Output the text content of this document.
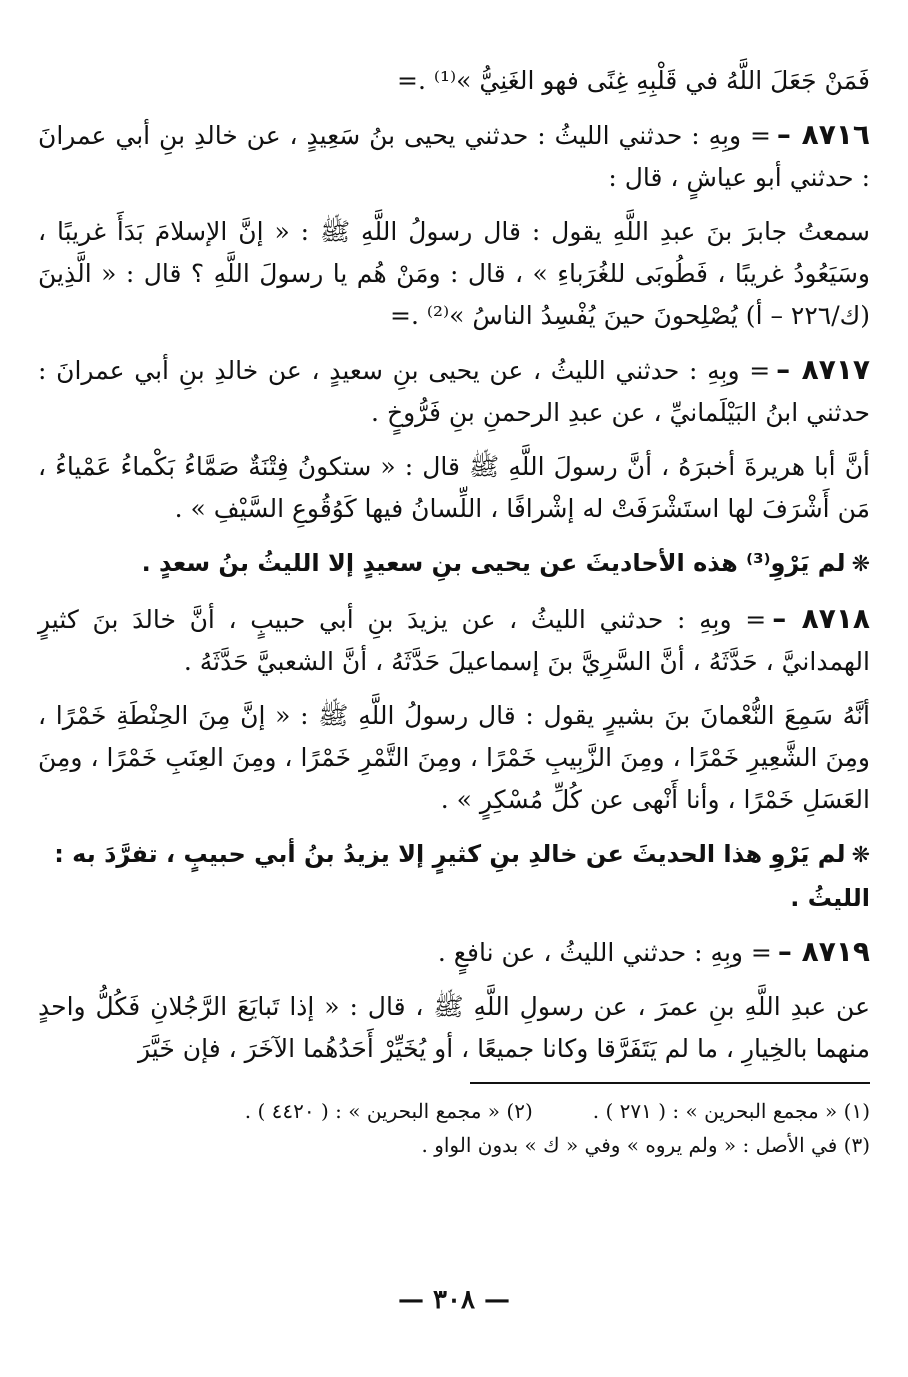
فَمَنْ جَعَلَ اللَّهُ في قَلْبِهِ غِنًى فهو الغَنِيُّ »⁽¹⁾ .=

٨٧١٦ –= وبِهِ : حدثني الليثُ : حدثني يحيى بنُ سَعِيدٍ ، عن خالدِ بنِ أبي عمرانَ : حدثني أبو عياشٍ ، قال :

سمعتُ جابرَ بنَ عبدِ اللَّهِ يقول : قال رسولُ اللَّهِ ﷺ : « إنَّ الإسلامَ بَدَأَ غريبًا ، وسَيَعُودُ غريبًا ، فَطُوبَى للغُرَباءِ » ، قال : ومَنْ هُم يا رسولَ اللَّهِ ؟ قال : « الَّذِينَ (ك/٢٢٦ – أ) يُصْلِحونَ حينَ يُفْسِدُ الناسُ »⁽²⁾ .=

٨٧١٧ –= وبِهِ : حدثني الليثُ ، عن يحيى بنِ سعيدٍ ، عن خالدِ بنِ أبي عمرانَ : حدثني ابنُ البَيْلَمانيِّ ، عن عبدِ الرحمنِ بنِ فَرُّوخٍ .

أنَّ أبا هريرةَ أخبرَهُ ، أنَّ رسولَ اللَّهِ ﷺ قال : « ستكونُ فِتْنَةٌ صَمَّاءُ بَكْماءُ عَمْياءُ ، مَن أَشْرَفَ لها استَشْرَفَتْ له إشْرافًا ، اللِّسانُ فيها كَوُقُوعِ السَّيْفِ » .

❋لم يَرْوِ⁽³⁾ هذه الأحاديثَ عن يحيى بنِ سعيدٍ إلا الليثُ بنُ سعدٍ .

٨٧١٨ –= وبِهِ : حدثني الليثُ ، عن يزيدَ بنِ أبي حبيبٍ ، أنَّ خالدَ بنَ كثيرٍ الهمدانيَّ ، حَدَّثَهُ ، أنَّ السَّرِيَّ بنَ إسماعيلَ حَدَّثَهُ ، أنَّ الشعبيَّ حَدَّثَهُ .

أنَّهُ سَمِعَ النُّعْمانَ بنَ بشيرٍ يقول : قال رسولُ اللَّهِ ﷺ : « إنَّ مِنَ الحِنْطَةِ خَمْرًا ، ومِنَ الشَّعِيرِ خَمْرًا ، ومِنَ الزَّبِيبِ خَمْرًا ، ومِنَ التَّمْرِ خَمْرًا ، ومِنَ العِنَبِ خَمْرًا ، ومِنَ العَسَلِ خَمْرًا ، وأنا أَنْهى عن كُلِّ مُسْكِرٍ » .

❋لم يَرْوِ هذا الحديثَ عن خالدِ بنِ كثيرٍ إلا يزيدُ بنُ أبي حبيبٍ ، تفرَّدَ به : الليثُ .

٨٧١٩ –= وبِهِ : حدثني الليثُ ، عن نافعٍ .

عن عبدِ اللَّهِ بنِ عمرَ ، عن رسولِ اللَّهِ ﷺ ، قال : « إذا تَبايَعَ الرَّجُلانِ فَكُلُّ واحدٍ منهما بالخِيارِ ، ما لم يَتَفَرَّقا وكانا جميعًا ، أو يُخَيِّرْ أَحَدُهُما الآخَرَ ، فإن خَيَّرَ

(١) « مجمع البحرين » : ( ٢٧١ ) .
(٢) « مجمع البحرين » : ( ٤٤٢٠ ) .
(٣) في الأصل : « ولم يروه » وفي « ك » بدون الواو .
— ٣٠٨ —
